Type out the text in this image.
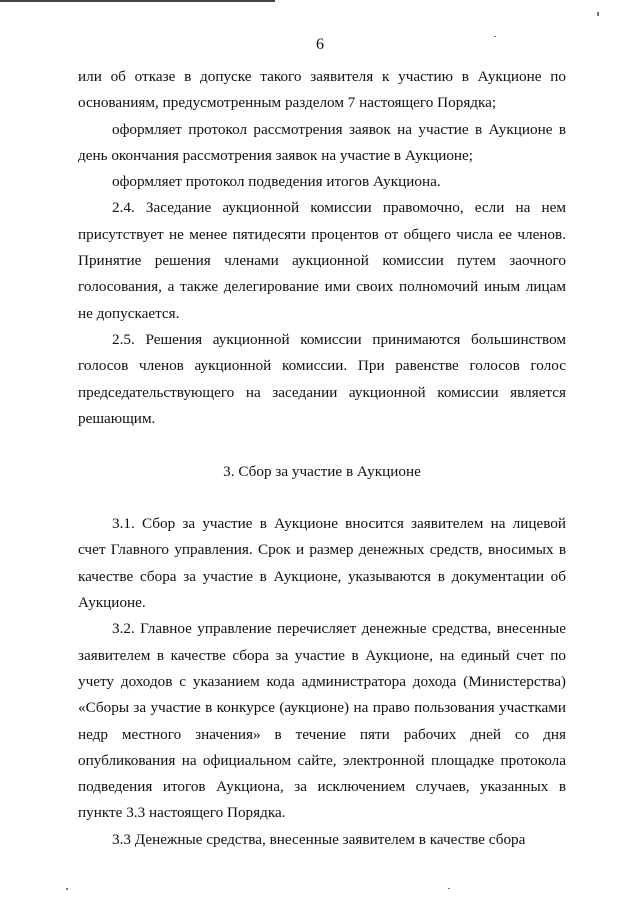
6

или об отказе в допуске такого заявителя к участию в Аукционе по основаниям, предусмотренным разделом 7 настоящего Порядка;

оформляет протокол рассмотрения заявок на участие в Аукционе в день окончания рассмотрения заявок на участие в Аукционе;

оформляет протокол подведения итогов Аукциона.

2.4. Заседание аукционной комиссии правомочно, если на нем присутствует не менее пятидесяти процентов от общего числа ее членов. Принятие решения членами аукционной комиссии путем заочного голосования, а также делегирование ими своих полномочий иным лицам не допускается.

2.5. Решения аукционной комиссии принимаются большинством голосов членов аукционной комиссии. При равенстве голосов голос председательствующего на заседании аукционной комиссии является решающим.

3. Сбор за участие в Аукционе

3.1. Сбор за участие в Аукционе вносится заявителем на лицевой счет Главного управления. Срок и размер денежных средств, вносимых в качестве сбора за участие в Аукционе, указываются в документации об Аукционе.

3.2. Главное управление перечисляет денежные средства, внесенные заявителем в качестве сбора за участие в Аукционе, на единый счет по учету доходов с указанием кода администратора дохода (Министерства) «Сборы за участие в конкурсе (аукционе) на право пользования участками недр местного значения» в течение пяти рабочих дней со дня опубликования на официальном сайте, электронной площадке протокола подведения итогов Аукциона, за исключением случаев, указанных в пункте 3.3 настоящего Порядка.

3.3 Денежные средства, внесенные заявителем в качестве сбора
